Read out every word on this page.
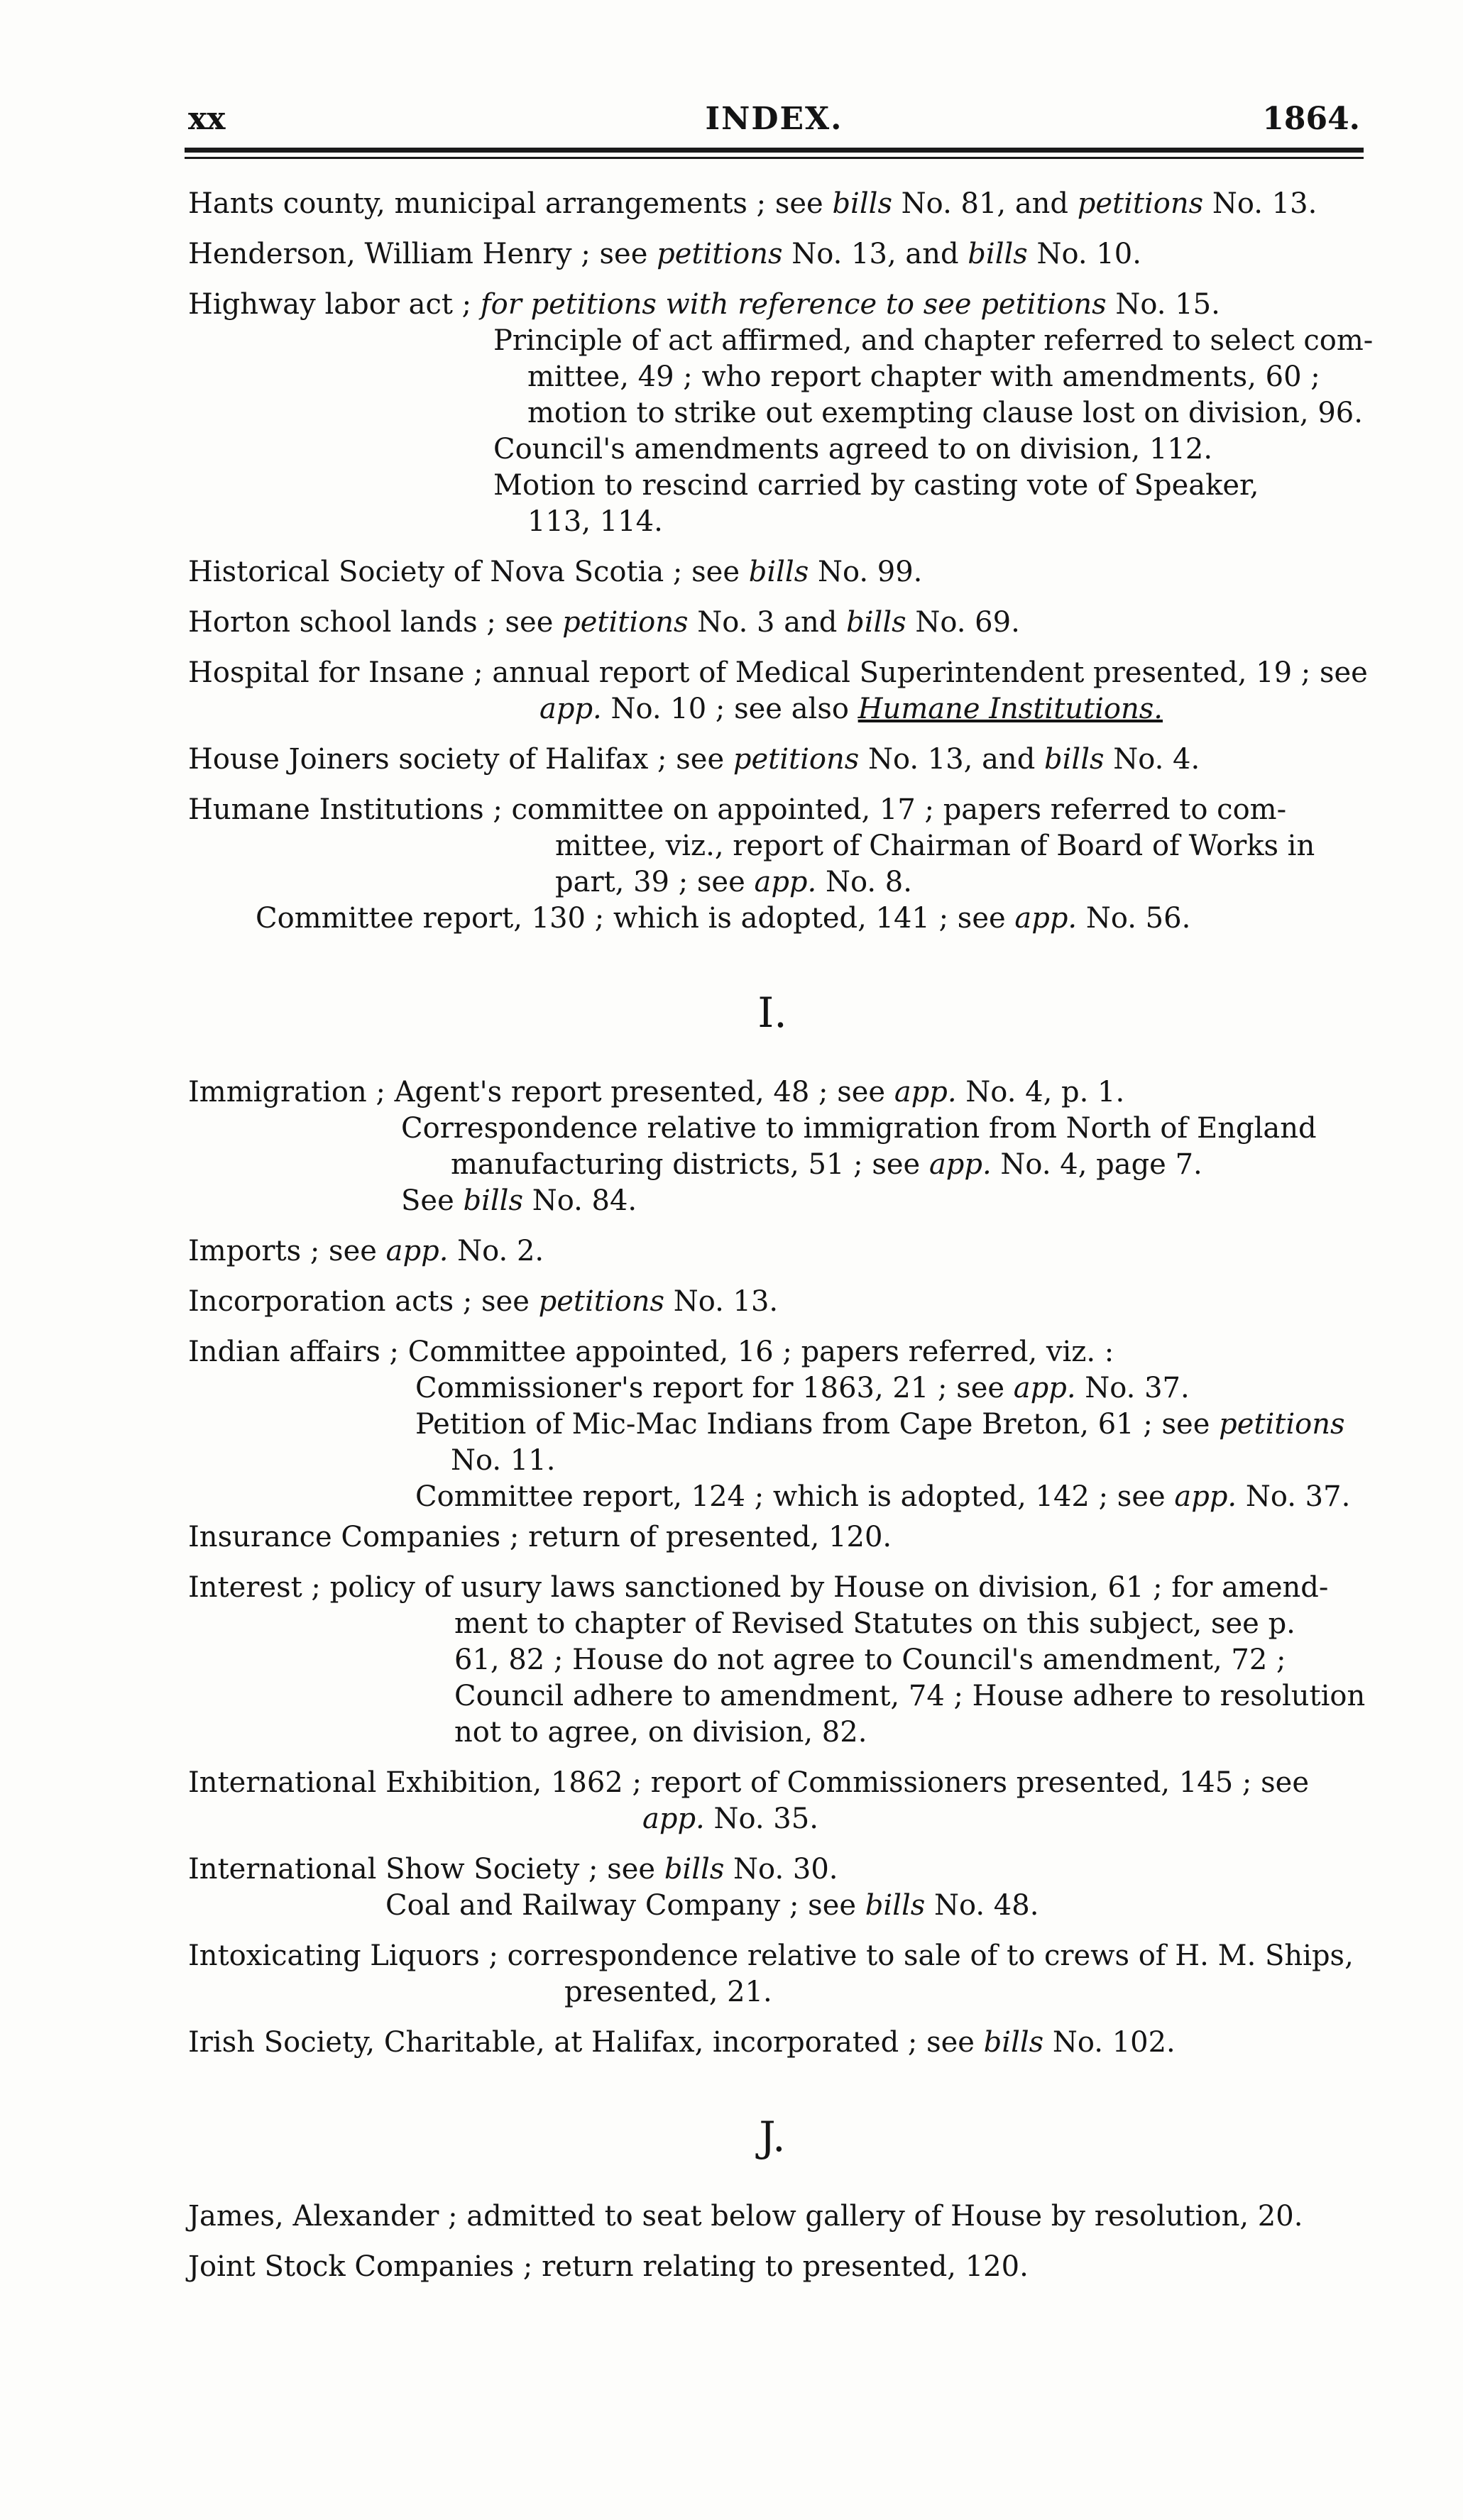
xx	INDEX.	1864.
Hants county, municipal arrangements ; see bills No. 81, and petitions No. 13.
Henderson, William Henry ; see petitions No. 13, and bills No. 10.
Highway labor act ; for petitions with reference to see petitions No. 15.
Principle of act affirmed, and chapter referred to select com-
mittee, 49 ; who report chapter with amendments, 60 ;
motion to strike out exempting clause lost on division, 96.
Council's amendments agreed to on division, 112.
Motion to rescind carried by casting vote of Speaker,
113, 114.
Historical Society of Nova Scotia ; see bills No. 99.
Horton school lands ; see petitions No. 3 and bills No. 69.
Hospital for Insane ; annual report of Medical Superintendent presented, 19 ; see
app. No. 10 ; see also Humane Institutions.
House Joiners society of Halifax ; see petitions No. 13, and bills No. 4.
Humane Institutions ; committee on appointed, 17 ; papers referred to com-
mittee, viz., report of Chairman of Board of Works in
part, 39 ; see app. No. 8.
Committee report, 130 ; which is adopted, 141 ; see app. No. 56.
I.
Immigration ; Agent's report presented, 48 ; see app. No. 4, p. 1.
Correspondence relative to immigration from North of England
manufacturing districts, 51 ; see app. No. 4, page 7.
See bills No. 84.
Imports ; see app. No. 2.
Incorporation acts ; see petitions No. 13.
Indian affairs ; Committee appointed, 16 ; papers referred, viz. :
Commissioner's report for 1863, 21 ; see app. No. 37.
Petition of Mic-Mac Indians from Cape Breton, 61 ; see petitions
No. 11.
Committee report, 124 ; which is adopted, 142 ; see app. No. 37.
Insurance Companies ; return of presented, 120.
Interest ; policy of usury laws sanctioned by House on division, 61 ; for amend-
ment to chapter of Revised Statutes on this subject, see p.
61, 82 ; House do not agree to Council's amendment, 72 ;
Council adhere to amendment, 74 ; House adhere to resolution
not to agree, on division, 82.
International Exhibition, 1862 ; report of Commissioners presented, 145 ; see
app. No. 35.
International Show Society ; see bills No. 30.
Coal and Railway Company ; see bills No. 48.
Intoxicating Liquors ; correspondence relative to sale of to crews of H. M. Ships,
presented, 21.
Irish Society, Charitable, at Halifax, incorporated ; see bills No. 102.
J.
James, Alexander ; admitted to seat below gallery of House by resolution, 20.
Joint Stock Companies ; return relating to presented, 120.
